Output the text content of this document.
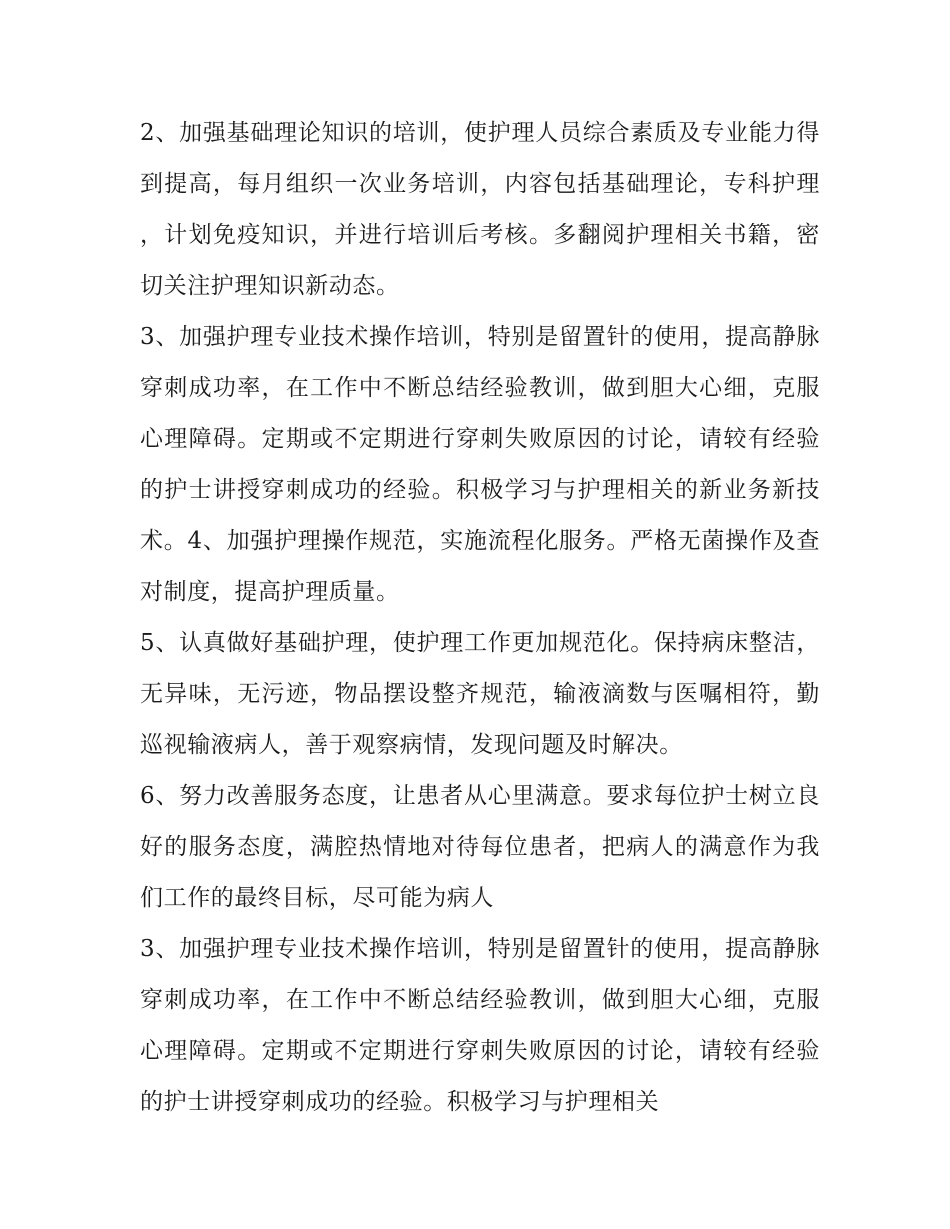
2、加强基础理论知识的培训，使护理人员综合素质及专业能力得到提高，每月组织一次业务培训，内容包括基础理论，专科护理，计划免疫知识，并进行培训后考核。多翻阅护理相关书籍，密切关注护理知识新动态。

3、加强护理专业技术操作培训，特别是留置针的使用，提高静脉穿刺成功率，在工作中不断总结经验教训，做到胆大心细，克服心理障碍。定期或不定期进行穿刺失败原因的讨论，请较有经验的护士讲授穿刺成功的经验。积极学习与护理相关的新业务新技术。4、加强护理操作规范，实施流程化服务。严格无菌操作及查对制度，提高护理质量。

5、认真做好基础护理，使护理工作更加规范化。保持病床整洁，无异味，无污迹，物品摆设整齐规范，输液滴数与医嘱相符，勤巡视输液病人，善于观察病情，发现问题及时解决。

6、努力改善服务态度，让患者从心里满意。要求每位护士树立良好的服务态度，满腔热情地对待每位患者，把病人的满意作为我们工作的最终目标，尽可能为病人

3、加强护理专业技术操作培训，特别是留置针的使用，提高静脉穿刺成功率，在工作中不断总结经验教训，做到胆大心细，克服心理障碍。定期或不定期进行穿刺失败原因的讨论，请较有经验的护士讲授穿刺成功的经验。积极学习与护理相关
